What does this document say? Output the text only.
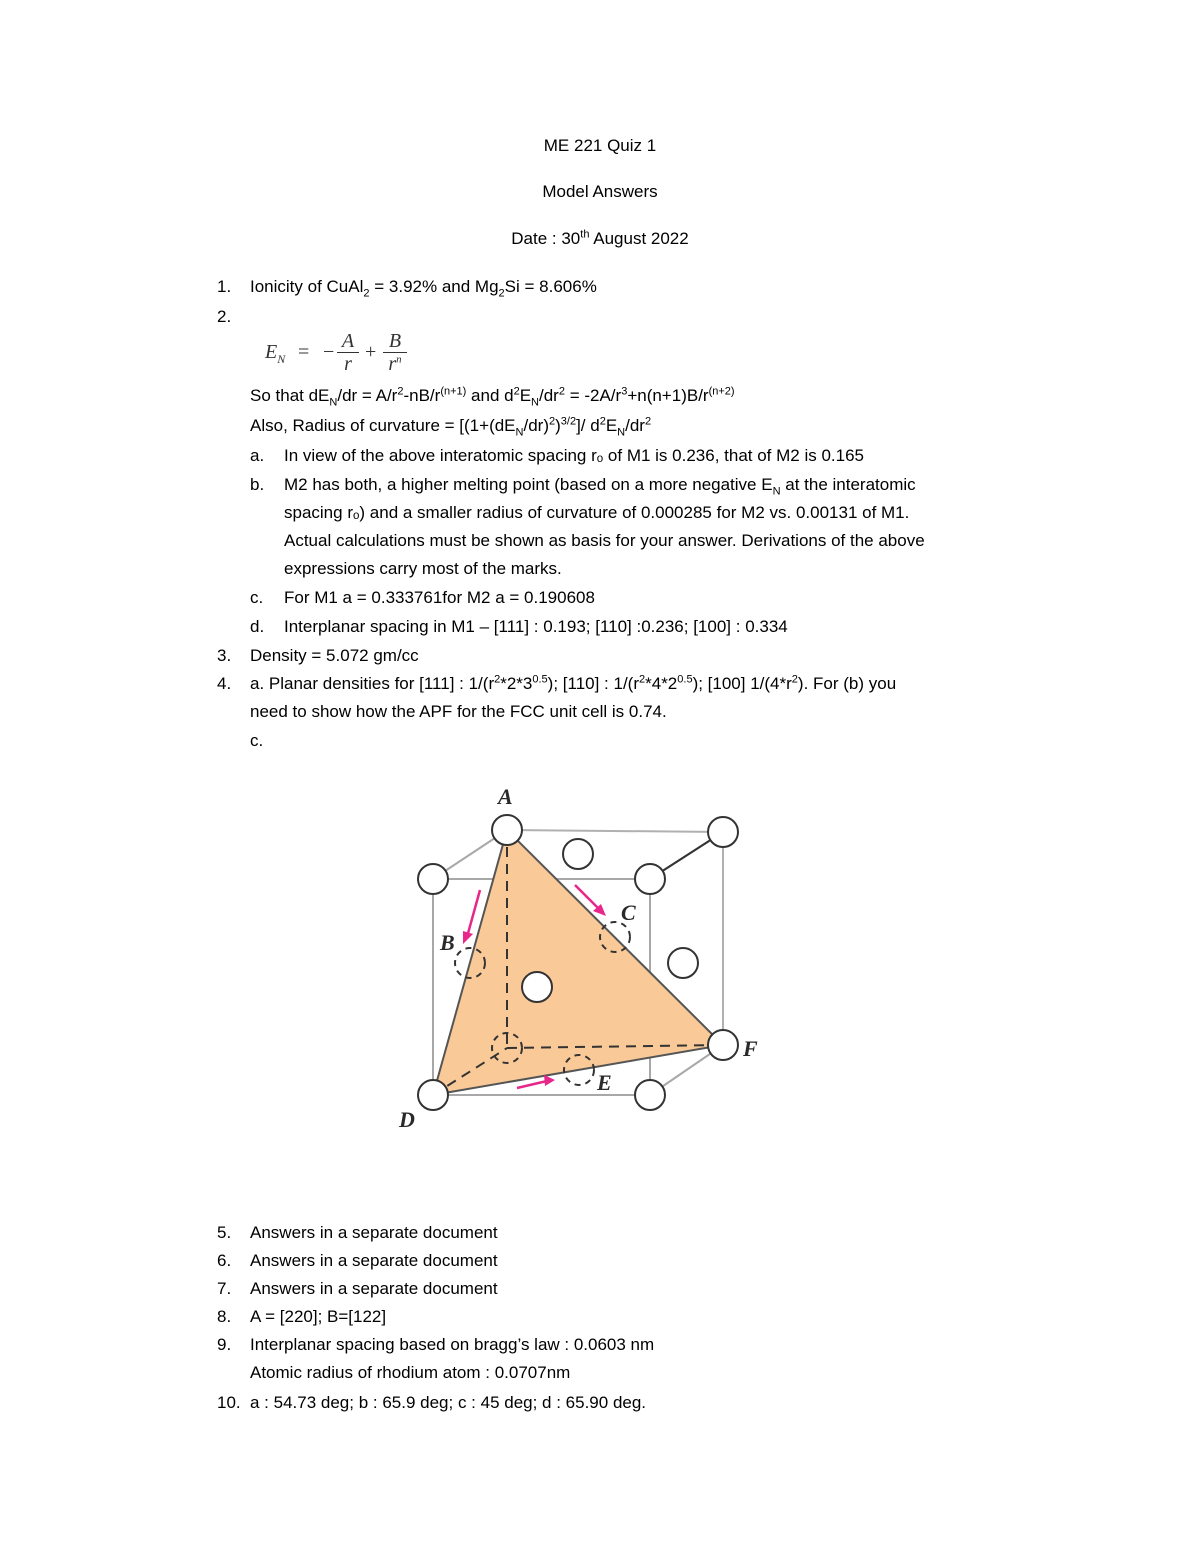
ME 221 Quiz 1
Model Answers
Date : 30th August 2022
1. Ionicity of CuAl$_2$ = 3.92% and $Mg_2Si = 8.606\%$
2.
$E_N$ = − $\frac{A}{r} + \frac{B}{r^n}$
So that $dE_N/dr = A/r^2-nB/r^{(n+1)}$ and $d^2E_N/dr^2 = -2A/r^3+n(n+1)B/r^{(n+2)}$
Also, Radius of curvature = $[(1+(dE_N/dr)^2)^{3/2}]/$ $d^2E_N/dr^2$
a. In view of the above interatomic spacing rₒ of M1 is 0.236, that of M2 is 0.165
b. M2 has both, a higher melting point (based on a more negative $E_N$ at the interatomic
spacing rₒ) and a smaller radius of curvature of 0.000285 for M2 vs. 0.00131 of M1.
Actual calculations must be shown as basis for your answer. Derivations of the above
expressions carry most of the marks.
c. For M1 a = 0.333761for M2 a = 0.190608
d. Interplanar spacing in M1 – [111] : 0.193; [110] :0.236; [100] : 0.334
3. Density = 5.072 gm/cc
4. a. Planar densities for [111] : $1/(r^2*2*3^{0.5})$; [110] : $1/(r^2*4*2^{0.5})$; [100] $1/(4*r^2)$. For (b) you
need to show how the APF for the FCC unit cell is 0.74.
c.
A
B
C
D
E
F
5. Answers in a separate document
6. Answers in a separate document
7. Answers in a separate document
8. A = [220]; B=[122]
9. Interplanar spacing based on bragg’s law : 0.0603 nm
Atomic radius of rhodium atom : 0.0707nm
10. a : 54.73 deg; b : 65.9 deg; c : 45 deg; d : 65.90 deg.
